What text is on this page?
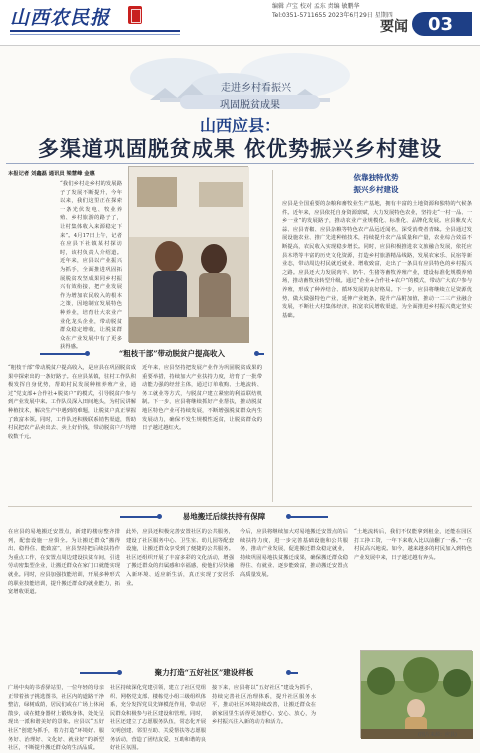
山西农民报
编辑 卢宝 校对 孟东 责编 敏鹏华
Tel:0351-5711655 2023年6月29日 星期四
要闻 03
走进乡村看振兴
巩固脱贫成果
山西应县：
多渠道巩固脱贫成果 依优势振兴乡村建设
本报记者 刘鑫磊 通讯员 梁慧峰 金惠
“我们乡村走乡村的发展路子了发展不断提升，今年以来，我们这里正在探索一条光伏发电、牧业养殖、乡村旅游的路子了，让村集体收入来源稳定下来”。4月17日上午，记者在应县下社镇某村探访时，该村负责人介绍道。近年来，应县以产业振兴为抓手，全面推进巩固拓展脱贫攻坚成果同乡村振兴有效衔接，把产业发展作为增加农民收入的根本之策，因地制宜发展特色种养业，培育壮大农业产业化龙头企业，带动脱贫群众稳定增收，让脱贫群众在产业发展中有了更多获得感。
“粗枝干部”带动脱贫户提高收入
“粗枝干部”带动脱贫户提高收入，是应县在巩固脱贫成果中探索出的一条好路子。在应县某镇，驻村工作队积极发挥自身优势，帮助村民发展种植养殖产业，通过“党支部+合作社+脱贫户”的模式，引导脱贫户参与到产业发展中来。工作队员深入田间地头，为村民讲解种植技术，解决生产中遇到的难题，让脱贫户真正掌握了致富本领。同时，工作队还积极联系销售渠道，帮助村民把农产品卖出去、卖上好价钱，带动脱贫户户均增收数千元。
近年来，应县坚持把发展产业作为巩固脱贫成果的重要举措，持续加大产业扶持力度，培育了一批带动能力强的经营主体，通过订单收购、土地流转、务工就业等方式，与脱贫户建立紧密的利益联结机制。下一步，应县将继续抓好产业帮扶，推动脱贫地区特色产业可持续发展，不断增强脱贫群众内生发展动力，确保不发生规模性返贫，让脱贫群众的日子越过越红火。
依靠独特优势
振兴乡村建设
应县是全国重要的杂粮和畜牧业生产基地，拥有丰富的土地资源和独特的气候条件。近年来，应县依托自身资源禀赋，大力发展特色农业，坚持走“一村一品、一乡一业”的发展路子，推动农业产业规模化、标准化、品牌化发展。应县紫皮大蒜、应县青椒、应县杂粮等特色农产品远近闻名，深受消费者青睐。全县通过发展设施农业、推广先进种植技术，持续提升农产品质量和产量，农业综合效益不断提高，农民收入实现稳步增长。同时，应县积极推进农文旅融合发展，依托应县木塔等丰富的历史文化资源，打造乡村旅游精品线路，发展农家乐、民宿等新业态，带动周边村民就近就业、增收致富，走出了一条具有应县特色的乡村振兴之路。应县还大力发展肉羊、奶牛、生猪等畜牧养殖产业，建设标准化规模养殖场，推动畜牧业转型升级。通过“企业+合作社+农户”的模式，带动广大农户参与养殖，形成了种养结合、循环发展的良好格局。下一步，应县将继续立足资源优势，做大做强特色产业，延伸产业链条，提升产品附加值，推动一二三产业融合发展，不断壮大村集体经济，拓宽农民增收渠道，为全面推进乡村振兴奠定坚实基础。
易地搬迁后续扶持有保障
在应县的易地搬迁安置点，新建的楼房整齐排列，配套设施一应俱全。为让搬迁群众“搬得出、稳得住、能致富”，应县坚持把后续扶持作为重点工作，在安置点周边建设扶贫车间，引进劳动密集型企业，让搬迁群众在家门口就能实现就业。同时，应县加强技能培训，开展多种形式的职业技能培训，提升搬迁群众的就业能力，拓宽增收渠道。
此外，应县还积极完善安置社区的公共服务，建设了社区服务中心、卫生室、幼儿园等配套设施，让搬迁群众享受到了便捷的公共服务。社区还组织开展了丰富多彩的文化活动，增强了搬迁群众的归属感和幸福感，使他们尽快融入新环境、适应新生活，真正实现了安居乐业。
今后，应县将继续加大对易地搬迁安置点的后续扶持力度，进一步完善基础设施和公共服务，推动产业发展，促进搬迁群众稳定就业，持续巩固易地扶贫搬迁成果，确保搬迁群众稳得住、有就业、逐步能致富，推动搬迁安置点高质量发展。
“土地流转后，我们不仅能拿到租金，还能在园区打工挣工资，一年下来收入比以前翻了一番。”一位村民高兴地说。如今，越来越多的村民加入到特色产业发展中来，日子越过越有奔头。
聚力打造“五好社区”建设样板
广场中央的书香驿站里，一位年轻的母亲正带着孩子挑选图书，社区内的道路干净整洁，绿树成荫，居民们或在广场上休闲散步，或在健身器材上锻炼身体，处处呈现出一派和谐美好的景象。应县以“五好社区”创建为抓手，着力打造“环境好、服务好、治理好、文化好、就业好”的新型社区，不断提升搬迁群众的生活品质。
社区持续深化党建引领，建立了社区党组织、网格党支部、楼栋党小组三级组织体系，充分发挥党员先锋模范作用，带动居民群众积极参与社区建设和管理。同时，社区还建立了志愿服务队伍，常态化开展文明创建、邻里互助、关爱帮扶等志愿服务活动，营造了团结友爱、互助和谐的良好社区氛围。
接下来，应县将以“五好社区”建设为抓手，持续完善社区治理体系，提升社区服务水平，推动社区环境持续改善，让搬迁群众在新家园里生活得更加舒心、安心、放心，为乡村振兴注入新的动力和活力。
(图片来源：应县)
